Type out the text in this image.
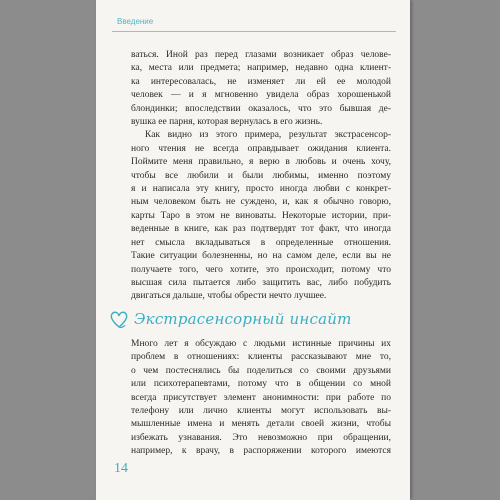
Введение
ваться. Иной раз перед глазами возникает образ челове-
ка, места или предмета; например, недавно одна клиент-
ка интересовалась, не изменяет ли ей ее молодой
человек — и я мгновенно увидела образ хорошенькой
блондинки; впоследствии оказалось, что это бывшая де-
вушка ее парня, которая вернулась в его жизнь.
Как видно из этого примера, результат экстрасенсор-
ного чтения не всегда оправдывает ожидания клиента.
Поймите меня правильно, я верю в любовь и очень хочу,
чтобы все любили и были любимы, именно поэтому
я и написала эту книгу, просто иногда любви с конкрет-
ным человеком быть не суждено, и, как я обычно говорю,
карты Таро в этом не виноваты. Некоторые истории, при-
веденные в книге, как раз подтвердят тот факт, что иногда
нет смысла вкладываться в определенные отношения.
Такие ситуации болезненны, но на самом деле, если вы не
получаете того, чего хотите, это происходит, потому что
высшая сила пытается либо защитить вас, либо побудить
двигаться дальше, чтобы обрести нечто лучшее.
Экстрасенсорный инсайт
Много лет я обсуждаю с людьми истинные причины их
проблем в отношениях: клиенты рассказывают мне то,
о чем постеснялись бы поделиться со своими друзьями
или психотерапевтами, потому что в общении со мной
всегда присутствует элемент анонимности: при работе по
телефону или лично клиенты могут использовать вы-
мышленные имена и менять детали своей жизни, чтобы
избежать узнавания. Это невозможно при обращении,
например, к врачу, в распоряжении которого имеются
14
